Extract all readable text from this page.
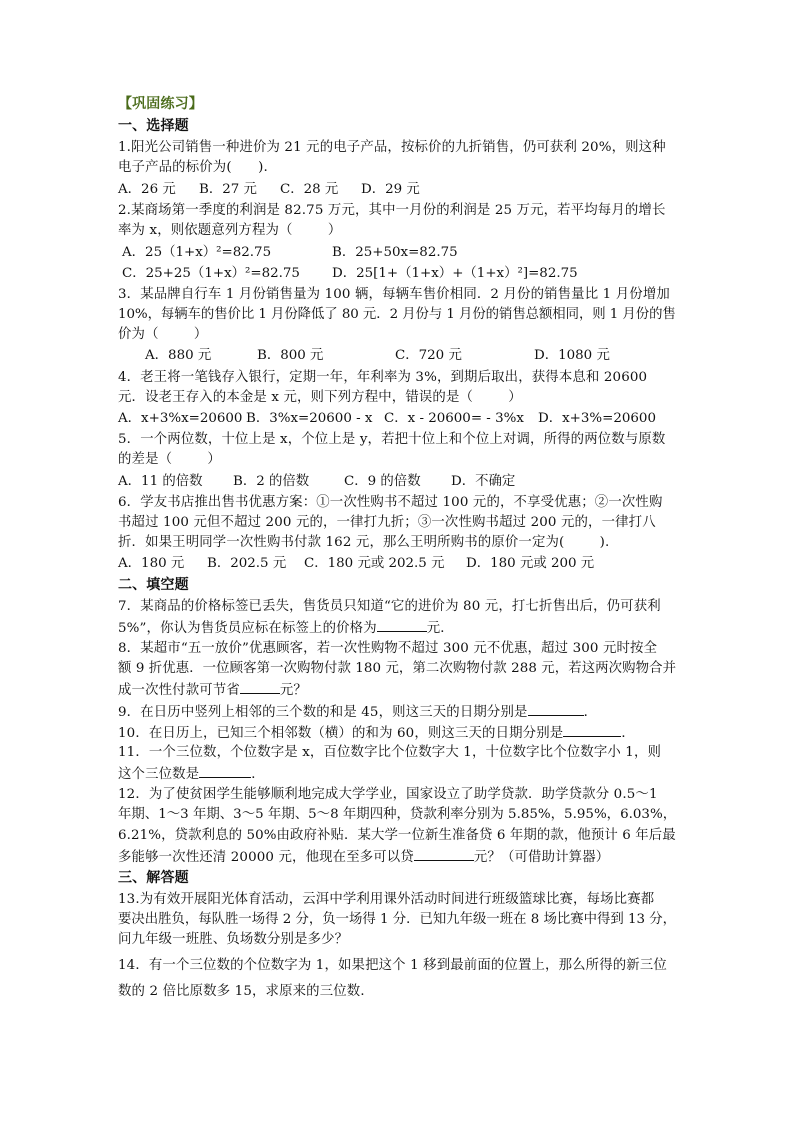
【巩固练习】
一、选择题
1.阳光公司销售一种进价为 21 元的电子产品，按标价的九折销售，仍可获利 20%，则这种
电子产品的标价为(      ).
A．26 元 B．27 元 C．28 元 D．29 元
2.某商场第一季度的利润是 82.75 万元，其中一月份的利润是 25 万元，若平均每月的增长
率为 x，则依题意列方程为（        ）
A．25（1+x）²=82.75	B．25+50x=82.75
C．25+25（1+x）²=82.75 D．25[1+（1+x）+（1+x）²]=82.75
3．某品牌自行车 1 月份销售量为 100 辆，每辆车售价相同．2 月份的销售量比 1 月份增加
10%，每辆车的售价比 1 月份降低了 80 元．2 月份与 1 月份的销售总额相同，则 1 月份的售
价为（        ）
A．880 元	B．800 元	C．720 元	D．1080 元
4．老王将一笔钱存入银行，定期一年，年利率为 3%，到期后取出，获得本息和 20600
元．设老王存入的本金是 x 元，则下列方程中，错误的是（        ）
A．x+3%x=20600 B．3%x=20600 - x C．x - 20600= - 3%x D．x+3%=20600
5．一个两位数，十位上是 x，个位上是 y，若把十位上和个位上对调，所得的两位数与原数
的差是（        ）
A．11 的倍数 B．2 的倍数	C．9 的倍数 D．不确定
6．学友书店推出售书优惠方案：①一次性购书不超过 100 元的，不享受优惠；②一次性购
书超过 100 元但不超过 200 元的，一律打九折；③一次性购书超过 200 元的，一律打八
折．如果王明同学一次性购书付款 162 元，那么王明所购书的原价一定为(        ).
A．180 元 B．202.5 元 C．180 元或 202.5 元 D．180 元或 200 元
二、填空题
7．某商品的价格标签已丢失，售货员只知道“它的进价为 80 元，打七折售出后，仍可获利
5%”，你认为售货员应标在标签上的价格为	元．
8．某超市“五一放价”优惠顾客，若一次性购物不超过 300 元不优惠，超过 300 元时按全
额 9 折优惠．一位顾客第一次购物付款 180 元，第二次购物付款 288 元，若这两次购物合并
成一次性付款可节省	元？
9．在日历中竖列上相邻的三个数的和是 45，则这三天的日期分别是	．
10．在日历上，已知三个相邻数（横）的和为 60，则这三天的日期分别是	．
11．一个三位数，个位数字是 x，百位数字比个位数字大 1，十位数字比个位数字小 1，则
这个三位数是	．
12．为了使贫困学生能够顺利地完成大学学业，国家设立了助学贷款．助学贷款分 0.5～1
年期、1～3 年期、3～5 年期、5～8 年期四种，贷款利率分别为 5.85%，5.95%，6.03%，
6.21%，贷款利息的 50%由政府补贴．某大学一位新生准备贷 6 年期的款，他预计 6 年后最
多能够一次性还清 20000 元，他现在至多可以贷	元？（可借助计算器）
三、解答题
13.为有效开展阳光体育活动，云洱中学利用课外活动时间进行班级篮球比赛，每场比赛都
要决出胜负，每队胜一场得 2 分，负一场得 1 分．已知九年级一班在 8 场比赛中得到 13 分，
问九年级一班胜、负场数分别是多少？
14．有一个三位数的个位数字为 1，如果把这个 1 移到最前面的位置上，那么所得的新三位
数的 2 倍比原数多 15，求原来的三位数．
